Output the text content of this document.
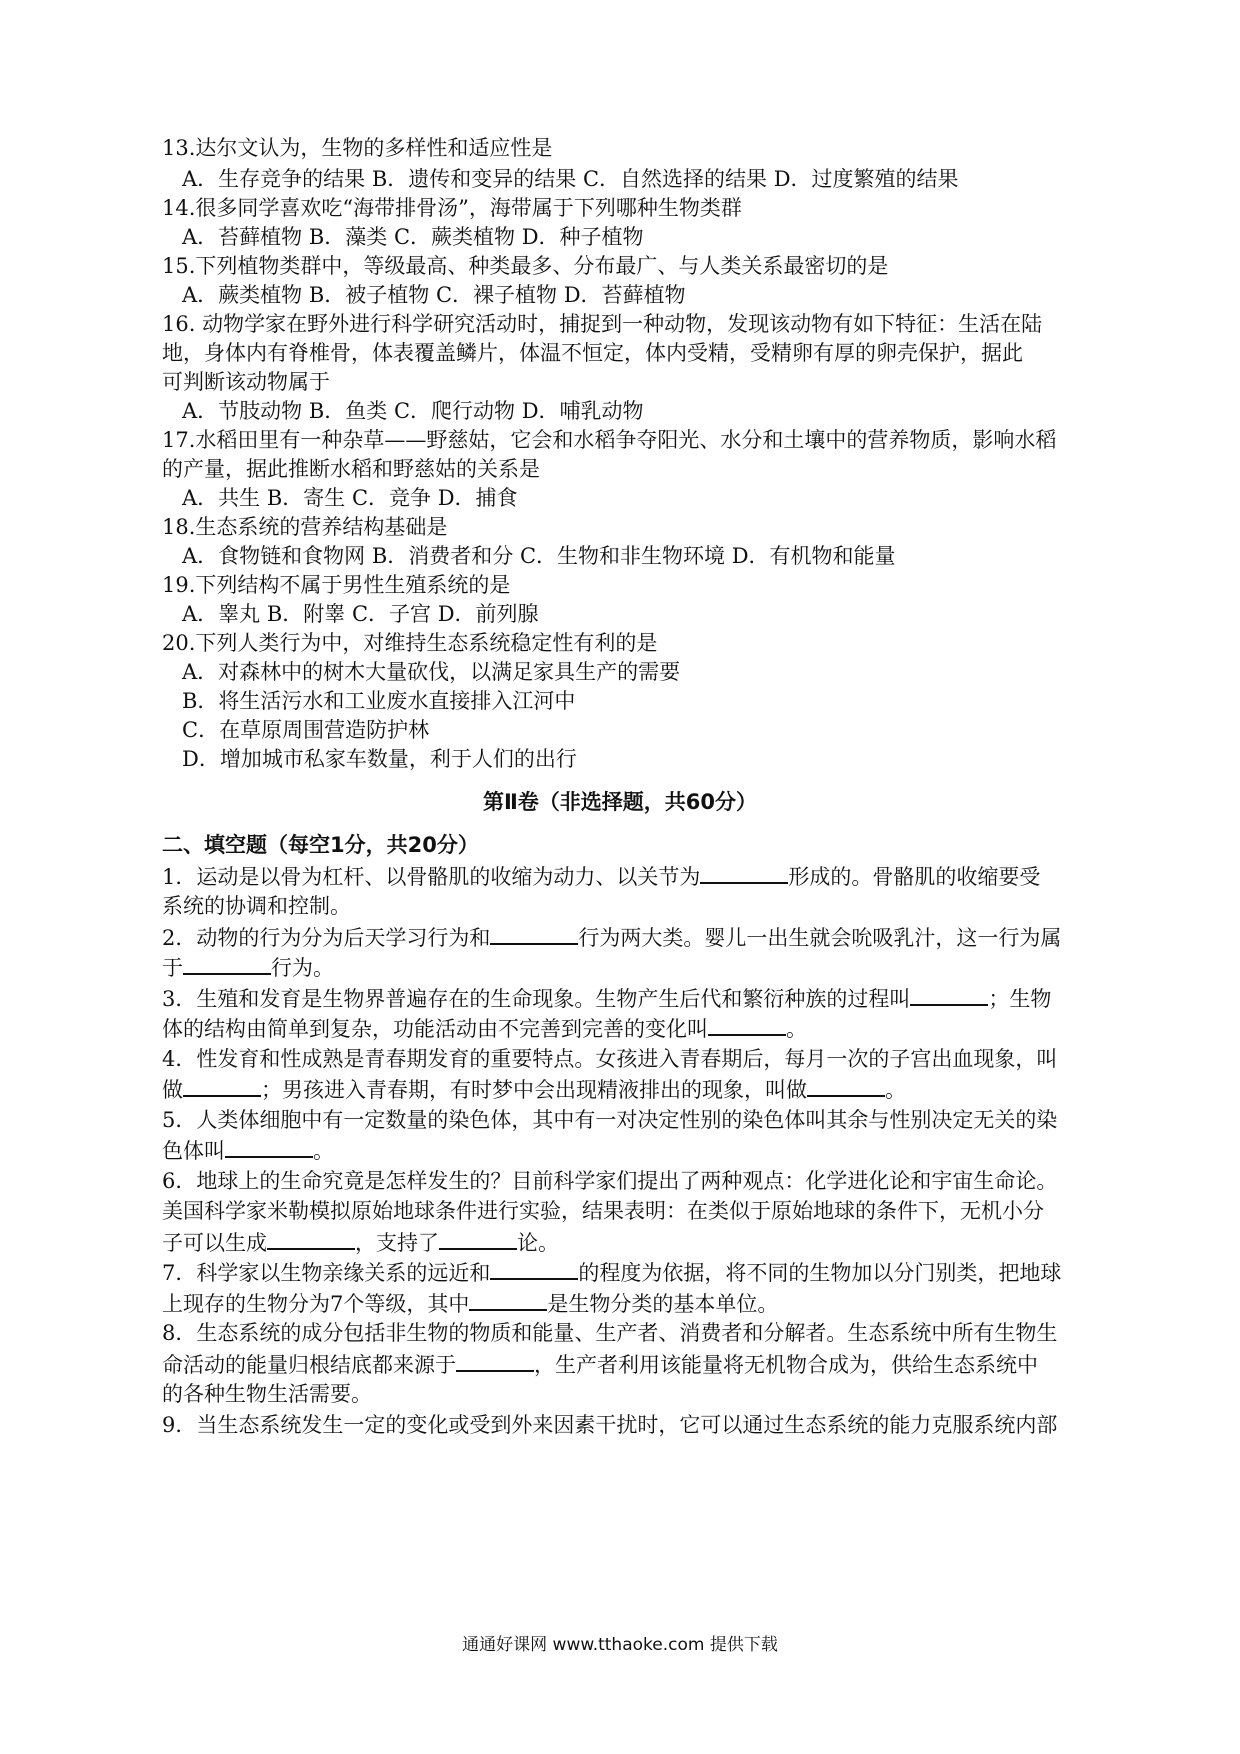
13.达尔文认为，生物的多样性和适应性是
A．生存竞争的结果 B．遗传和变异的结果 C．自然选择的结果 D．过度繁殖的结果
14.很多同学喜欢吃“海带排骨汤”，海带属于下列哪种生物类群
A．苔藓植物 B．藻类 C．蕨类植物 D．种子植物
15.下列植物类群中，等级最高、种类最多、分布最广、与人类关系最密切的是
A．蕨类植物 B．被子植物 C．裸子植物 D．苔藓植物
16. 动物学家在野外进行科学研究活动时，捕捉到一种动物，发现该动物有如下特征：生活在陆
地，身体内有脊椎骨，体表覆盖鳞片，体温不恒定，体内受精，受精卵有厚的卵壳保护，据此
可判断该动物属于
A．节肢动物 B．鱼类 C．爬行动物 D．哺乳动物
17.水稻田里有一种杂草——野慈姑，它会和水稻争夺阳光、水分和土壤中的营养物质，影响水稻
的产量，据此推断水稻和野慈姑的关系是
A．共生 B．寄生 C．竞争 D．捕食
18.生态系统的营养结构基础是
A．食物链和食物网 B．消费者和分 C．生物和非生物环境 D．有机物和能量
19.下列结构不属于男性生殖系统的是
A．睾丸 B．附睾 C．子宫 D．前列腺
20.下列人类行为中，对维持生态系统稳定性有利的是
A．对森林中的树木大量砍伐，以满足家具生产的需要
B．将生活污水和工业废水直接排入江河中
C．在草原周围营造防护林
D．增加城市私家车数量，利于人们的出行
第Ⅱ卷（非选择题，共60分）
二、填空题（每空1分，共20分）
1．运动是以骨为杠杆、以骨骼肌的收缩为动力、以关节为	形成的。骨骼肌的收缩要受
系统的协调和控制。
2．动物的行为分为后天学习行为和	行为两大类。婴儿一出生就会吮吸乳汁，这一行为属
于	行为。
3．生殖和发育是生物界普遍存在的生命现象。生物产生后代和繁衍种族的过程叫	；生物
体的结构由简单到复杂，功能活动由不完善到完善的变化叫	。
4．性发育和性成熟是青春期发育的重要特点。女孩进入青春期后，每月一次的子宫出血现象，叫
做	；男孩进入青春期，有时梦中会出现精液排出的现象，叫做	。
5．人类体细胞中有一定数量的染色体，其中有一对决定性别的染色体叫其余与性别决定无关的染
色体叫	。
6．地球上的生命究竟是怎样发生的？目前科学家们提出了两种观点：化学进化论和宇宙生命论。
美国科学家米勒模拟原始地球条件进行实验，结果表明：在类似于原始地球的条件下，无机小分
子可以生成	，支持了	论。
7．科学家以生物亲缘关系的远近和	的程度为依据，将不同的生物加以分门别类，把地球
上现存的生物分为7个等级，其中	是生物分类的基本单位。
8．生态系统的成分包括非生物的物质和能量、生产者、消费者和分解者。生态系统中所有生物生
命活动的能量归根结底都来源于	，生产者利用该能量将无机物合成为，供给生态系统中
的各种生物生活需要。
9．当生态系统发生一定的变化或受到外来因素干扰时，它可以通过生态系统的能力克服系统内部
通通好课网 www.tthaoke.com 提供下载
